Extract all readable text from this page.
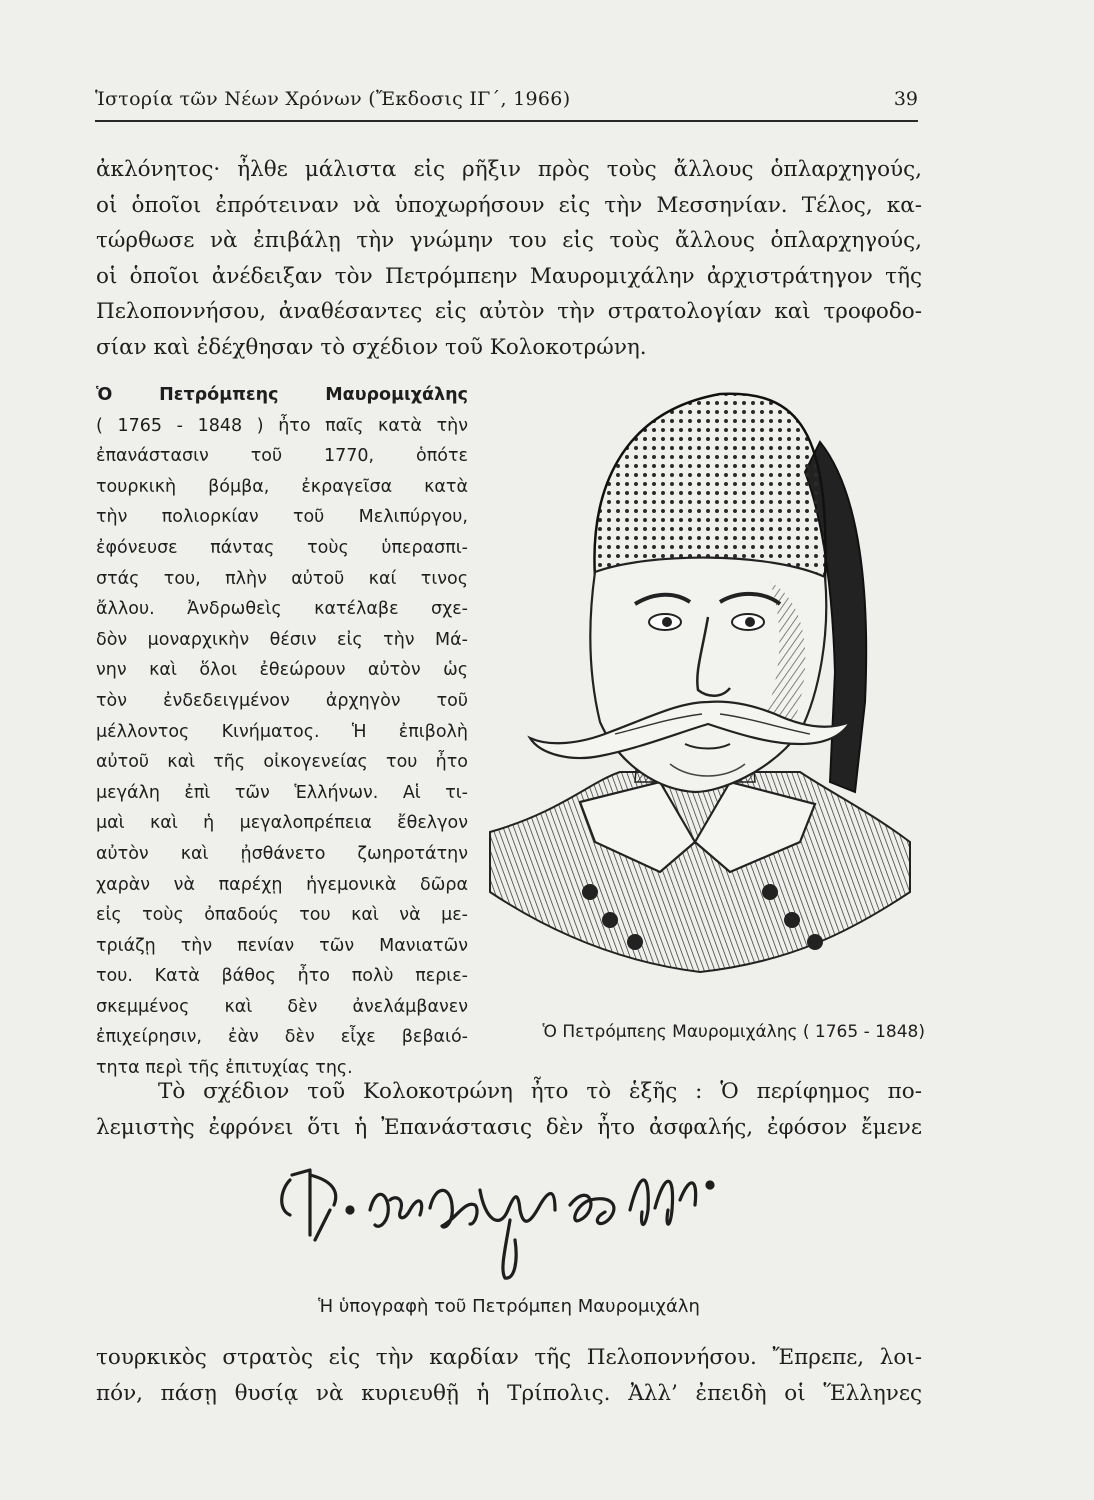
Ἱστορία τῶν Νέων Χρόνων (Ἔκδοσις ΙΓ΄, 1966)	39
ἀκλόνητος· ἦλθε μάλιστα εἰς ρῆξιν πρὸς τοὺς ἄλλους ὁπλαρχηγούς,
οἱ ὁποῖοι ἐπρότειναν νὰ ὑποχωρήσουν εἰς τὴν Μεσσηνίαν. Τέλος, κα-
τώρθωσε νὰ ἐπιβάλῃ τὴν γνώμην του εἰς τοὺς ἄλλους ὁπλαρχηγούς,
οἱ ὁποῖοι ἀνέδειξαν τὸν Πετρόμπεην Μαυρομιχάλην ἀρχιστράτηγον τῆς
Πελοποννήσου, ἀναθέσαντες εἰς αὐτὸν τὴν στρατολογίαν καὶ τροφοδο-
σίαν καὶ ἐδέχθησαν τὸ σχέδιον τοῦ Κολοκοτρώνη.
Ὁ Πετρόμπεης Μαυρομιχάλης
( 1765 - 1848 ) ἦτο παῖς κατὰ τὴν
ἐπανάστασιν τοῦ 1770, ὁπότε
τουρκικὴ βόμβα, ἐκραγεῖσα κατὰ
τὴν πολιορκίαν τοῦ Μελιπύργου,
ἐφόνευσε πάντας τοὺς ὑπερασπι-
στάς του, πλὴν αὐτοῦ καί τινος
ἄλλου. Ἀνδρωθεὶς κατέλαβε σχε-
δὸν μοναρχικὴν θέσιν εἰς τὴν Μά-
νην καὶ ὅλοι ἐθεώρουν αὐτὸν ὡς
τὸν ἐνδεδειγμένον ἀρχηγὸν τοῦ
μέλλοντος Κινήματος. Ἡ ἐπιβολὴ
αὐτοῦ καὶ τῆς οἰκογενείας του ἦτο
μεγάλη ἐπὶ τῶν Ἑλλήνων. Αἱ τι-
μαὶ καὶ ἡ μεγαλοπρέπεια ἔθελγον
αὐτὸν καὶ ᾐσθάνετο ζωηροτάτην
χαρὰν νὰ παρέχῃ ἡγεμονικὰ δῶρα
εἰς τοὺς ὀπαδούς του καὶ νὰ με-
τριάζῃ τὴν πενίαν τῶν Μανιατῶν
του. Κατὰ βάθος ἦτο πολὺ περιε-
σκεμμένος καὶ δὲν ἀνελάμβανεν
ἐπιχείρησιν, ἐὰν δὲν εἶχε βεβαιό-
τητα περὶ τῆς ἐπιτυχίας της.
Ὁ Πετρόμπεης Μαυρομιχάλης ( 1765 - 1848)
Τὸ σχέδιον τοῦ Κολοκοτρώνη ἦτο τὸ ἑξῆς : Ὁ περίφημος πο-
λεμιστὴς ἐφρόνει ὅτι ἡ Ἐπανάστασις δὲν ἦτο ἀσφαλής, ἐφόσον ἔμενε
Π. μαυρομιχάλης
Ἡ ὑπογραφὴ τοῦ Πετρόμπεη Μαυρομιχάλη
τουρκικὸς στρατὸς εἰς τὴν καρδίαν τῆς Πελοποννήσου. Ἔπρεπε, λοι-
πόν, πάσῃ θυσίᾳ νὰ κυριευθῇ ἡ Τρίπολις. Ἀλλ’ ἐπειδὴ οἱ Ἕλληνες
